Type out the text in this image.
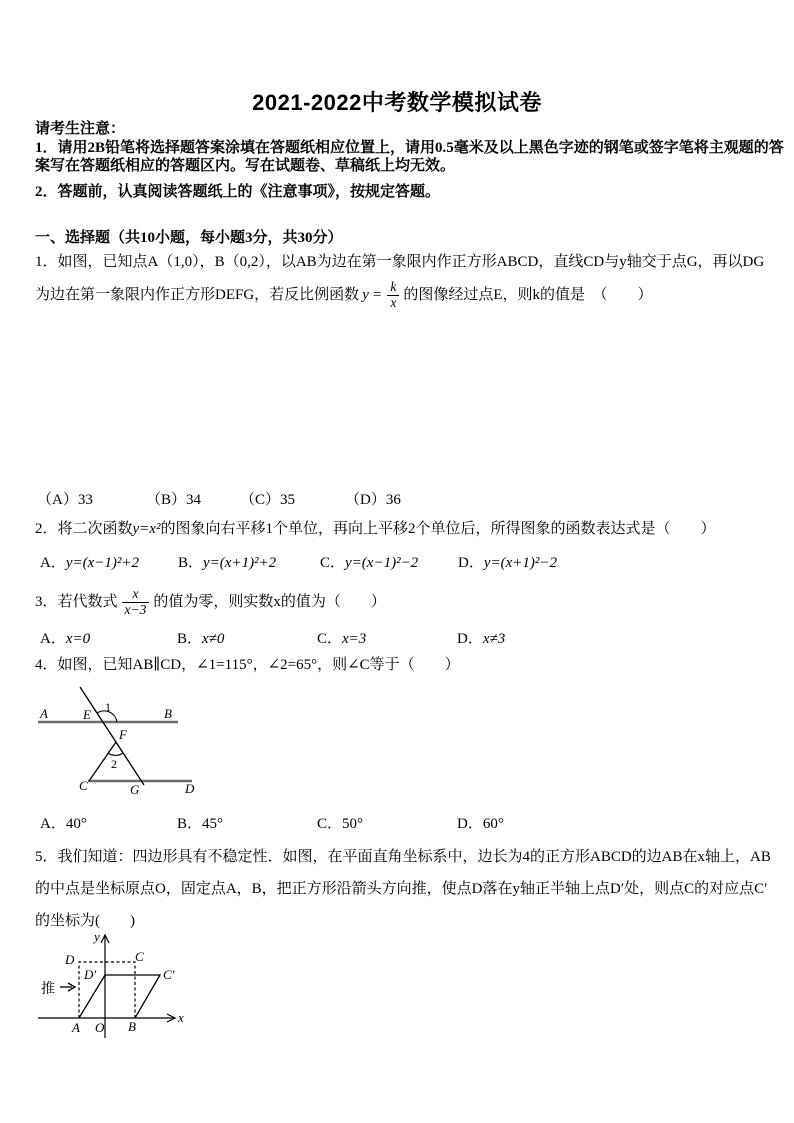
2021-2022中考数学模拟试卷
请考生注意：
1．请用2B铅笔将选择题答案涂填在答题纸相应位置上，请用0.5毫米及以上黑色字迹的钢笔或签字笔将主观题的答
案写在答题纸相应的答题区内。写在试题卷、草稿纸上均无效。
2．答题前，认真阅读答题纸上的《注意事项》，按规定答题。
一、选择题（共10小题，每小题3分，共30分）
1．如图，已知点A（1,0），B（0,2），以AB为边在第一象限内作正方形ABCD，直线CD与y轴交于点G，再以DG
为边在第一象限内作正方形DEFG，若反比例函数 $y = \frac{k}{x}$ 的图像经过点E，则k的值是　（　　）
（A）33	（B）34	（C）35	（D）36
2．将二次函数y=x²的图象向右平移1个单位，再向上平移2个单位后，所得图象的函数表达式是（　　）
A．y=(x−1)²+2	B．y=(x+1)²+2	C．y=(x−1)²−2	D．y=(x+1)²−2
3．若代数式 $\frac{x}{x-3}$ 的值为零，则实数x的值为（　　）
A．x=0	B．x≠0	C．x=3	D．x≠3
4．如图，已知AB∥CD，∠1=115°，∠2=65°，则∠C等于（　　）
A	E 1	B
F
2
C	G	D
A．40°	B．45°	C．50°	D．60°
5．我们知道：四边形具有不稳定性．如图，在平面直角坐标系中，边长为4的正方形ABCD的边AB在x轴上，AB
的中点是坐标原点O，固定点A，B，把正方形沿箭头方向推，使点D落在y轴正半轴上点D′处，则点C的对应点C′
的坐标为(　　)
推
y
x
D	C
D′	C′
A O B
